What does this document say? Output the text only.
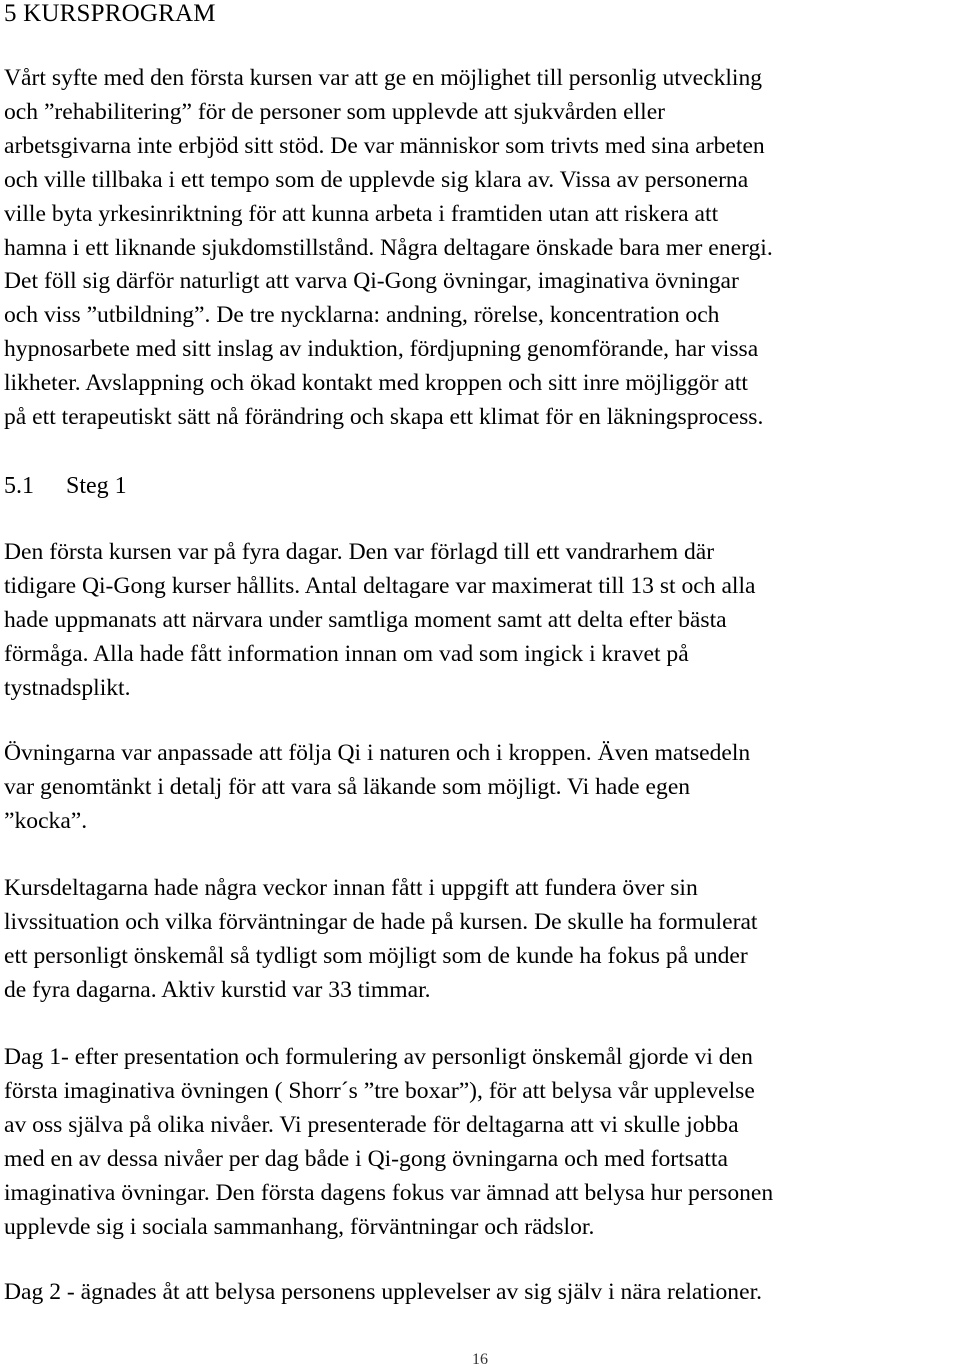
5 KURSPROGRAM

Vårt syfte med den första kursen var att ge en möjlighet till personlig utveckling
och ”rehabilitering” för de personer som upplevde att sjukvården eller
arbetsgivarna inte erbjöd sitt stöd. De var människor som trivts med sina arbeten
och ville tillbaka i ett tempo som de upplevde sig klara av. Vissa av personerna
ville byta yrkesinriktning för att kunna arbeta i framtiden utan att riskera att
hamna i ett liknande sjukdomstillstånd. Några deltagare önskade bara mer energi.
Det föll sig därför naturligt att varva Qi-Gong övningar, imaginativa övningar
och viss ”utbildning”. De tre nycklarna: andning, rörelse, koncentration och
hypnosarbete med sitt inslag av induktion, fördjupning genomförande, har vissa
likheter. Avslappning och ökad kontakt med kroppen och sitt inre möjliggör att
på ett terapeutiskt sätt nå förändring och skapa ett klimat för en läkningsprocess.

5.1 Steg 1

Den första kursen var på fyra dagar. Den var förlagd till ett vandrarhem där
tidigare Qi-Gong kurser hållits. Antal deltagare var maximerat till 13 st och alla
hade uppmanats att närvara under samtliga moment samt att delta efter bästa
förmåga. Alla hade fått information innan om vad som ingick i kravet på
tystnadsplikt.

Övningarna var anpassade att följa Qi i naturen och i kroppen. Även matsedeln
var genomtänkt i detalj för att vara så läkande som möjligt. Vi hade egen
”kocka”.

Kursdeltagarna hade några veckor innan fått i uppgift att fundera över sin
livssituation och vilka förväntningar de hade på kursen. De skulle ha formulerat
ett personligt önskemål så tydligt som möjligt som de kunde ha fokus på under
de fyra dagarna. Aktiv kurstid var 33 timmar.

Dag 1- efter presentation och formulering av personligt önskemål gjorde vi den
första imaginativa övningen ( Shorr´s ”tre boxar”), för att belysa vår upplevelse
av oss själva på olika nivåer. Vi presenterade för deltagarna att vi skulle jobba
med en av dessa nivåer per dag både i Qi-gong övningarna och med fortsatta
imaginativa övningar. Den första dagens fokus var ämnad att belysa hur personen
upplevde sig i sociala sammanhang, förväntningar och rädslor.

Dag 2 - ägnades åt att belysa personens upplevelser av sig själv i nära relationer.

16
